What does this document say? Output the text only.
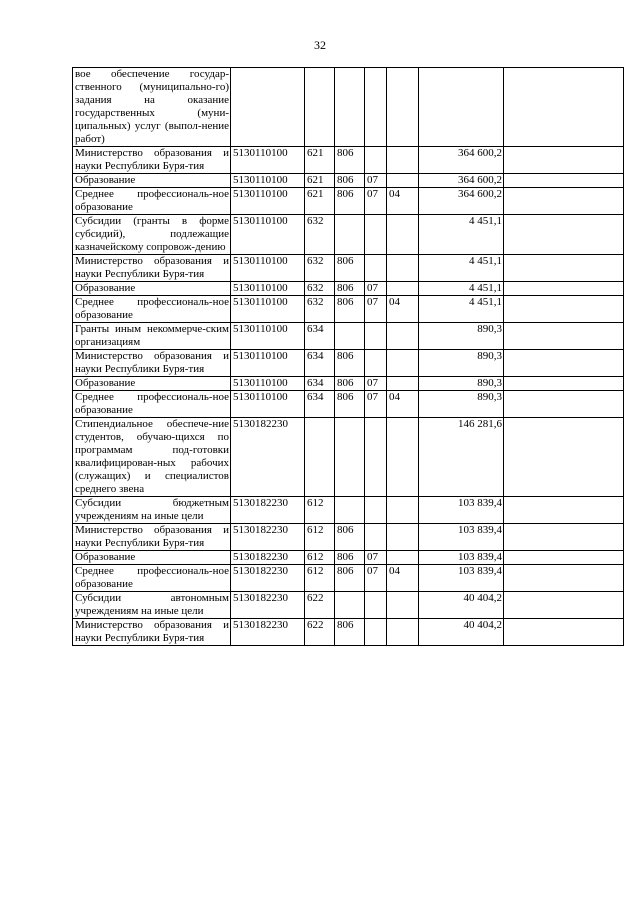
32
вое обеспечение государ-ственного (муниципально-го) задания на оказание государственных (муни-ципальных) услуг (выпол-нение работ)							
Министерство образования и науки Республики Буря-тия	5130110100	621	806			364 600,2	
Образование	5130110100	621	806	07		364 600,2	
Среднее профессиональ-ное образование	5130110100	621	806	07	04	364 600,2	
Субсидии (гранты в форме субсидий), подлежащие казначейскому сопровож-дению	5130110100	632				4 451,1	
Министерство образования и науки Республики Буря-тия	5130110100	632	806			4 451,1	
Образование	5130110100	632	806	07		4 451,1	
Среднее профессиональ-ное образование	5130110100	632	806	07	04	4 451,1	
Гранты иным некоммерче-ским организациям	5130110100	634				890,3	
Министерство образования и науки Республики Буря-тия	5130110100	634	806			890,3	
Образование	5130110100	634	806	07		890,3	
Среднее профессиональ-ное образование	5130110100	634	806	07	04	890,3	
Стипендиальное обеспече-ние студентов, обучаю-щихся по программам под-готовки квалифицирован-ных рабочих (служащих) и специалистов среднего звена	5130182230					146 281,6	
Субсидии бюджетным учреждениям на иные цели	5130182230	612				103 839,4	
Министерство образования и науки Республики Буря-тия	5130182230	612	806			103 839,4	
Образование	5130182230	612	806	07		103 839,4	
Среднее профессиональ-ное образование	5130182230	612	806	07	04	103 839,4	
Субсидии автономным учреждениям на иные цели	5130182230	622				40 404,2	
Министерство образования и науки Республики Буря-тия	5130182230	622	806			40 404,2	
